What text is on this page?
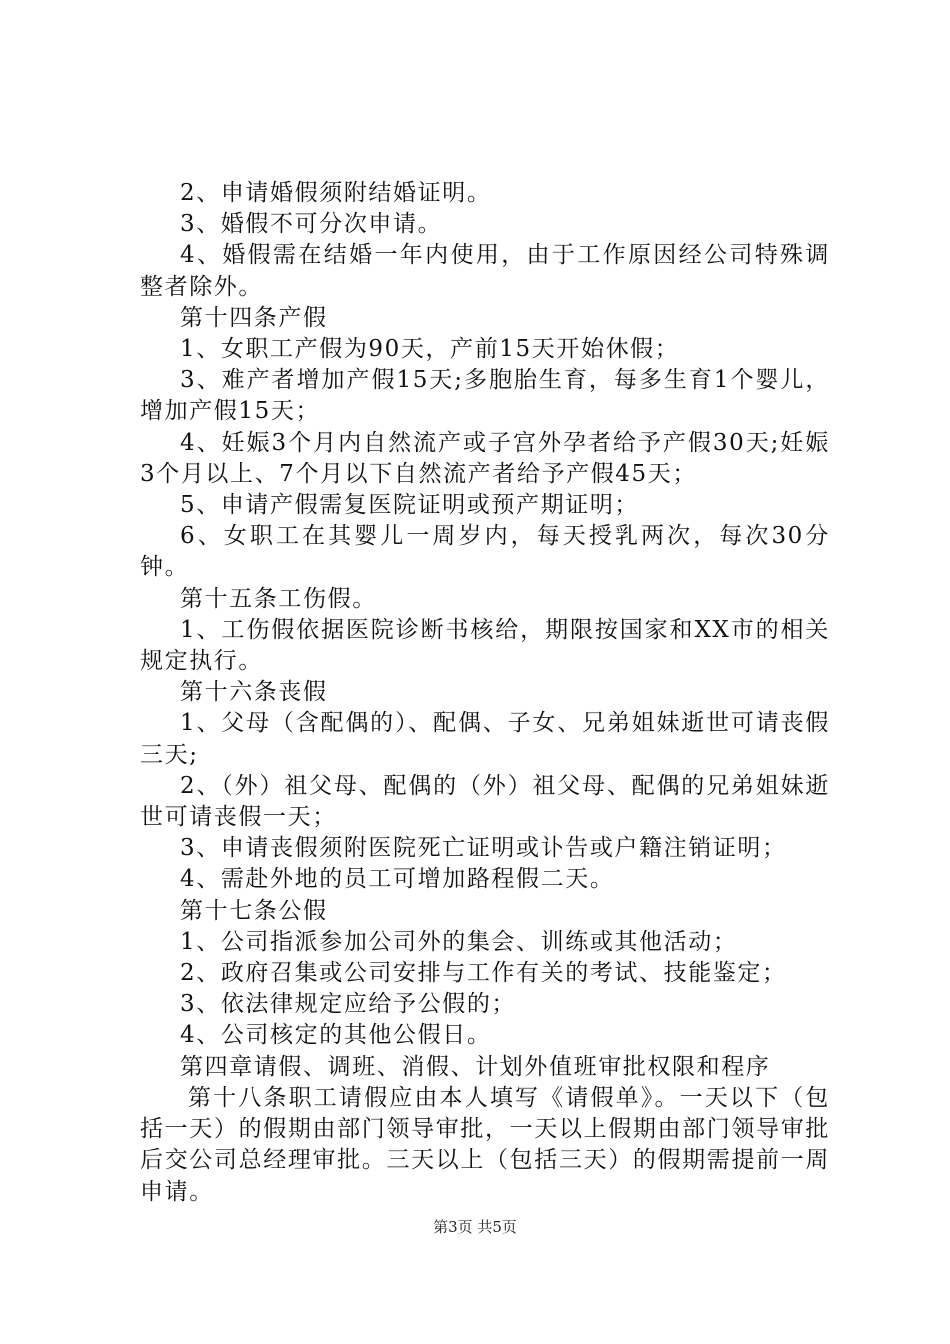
2、申请婚假须附结婚证明。

3、婚假不可分次申请。

4、婚假需在结婚一年内使用，由于工作原因经公司特殊调整者除外。

第十四条产假

1、女职工产假为90天，产前15天开始休假；

3、难产者增加产假15天;多胞胎生育，每多生育1个婴儿，增加产假15天；

4、妊娠3个月内自然流产或子宫外孕者给予产假30天;妊娠3个月以上、7个月以下自然流产者给予产假45天；

5、申请产假需复医院证明或预产期证明；

6、女职工在其婴儿一周岁内，每天授乳两次，每次30分钟。

第十五条工伤假。

1、工伤假依据医院诊断书核给，期限按国家和XX市的相关规定执行。

第十六条丧假

1、父母（含配偶的）、配偶、子女、兄弟姐妹逝世可请丧假三天;

2、（外）祖父母、配偶的（外）祖父母、配偶的兄弟姐妹逝世可请丧假一天；

3、申请丧假须附医院死亡证明或讣告或户籍注销证明；

4、需赴外地的员工可增加路程假二天。

第十七条公假

1、公司指派参加公司外的集会、训练或其他活动；

2、政府召集或公司安排与工作有关的考试、技能鉴定；

3、依法律规定应给予公假的；

4、公司核定的其他公假日。

第四章请假、调班、消假、计划外值班审批权限和程序

第十八条职工请假应由本人填写《请假单》。一天以下（包括一天）的假期由部门领导审批，一天以上假期由部门领导审批后交公司总经理审批。三天以上（包括三天）的假期需提前一周申请。

第3页 共5页
